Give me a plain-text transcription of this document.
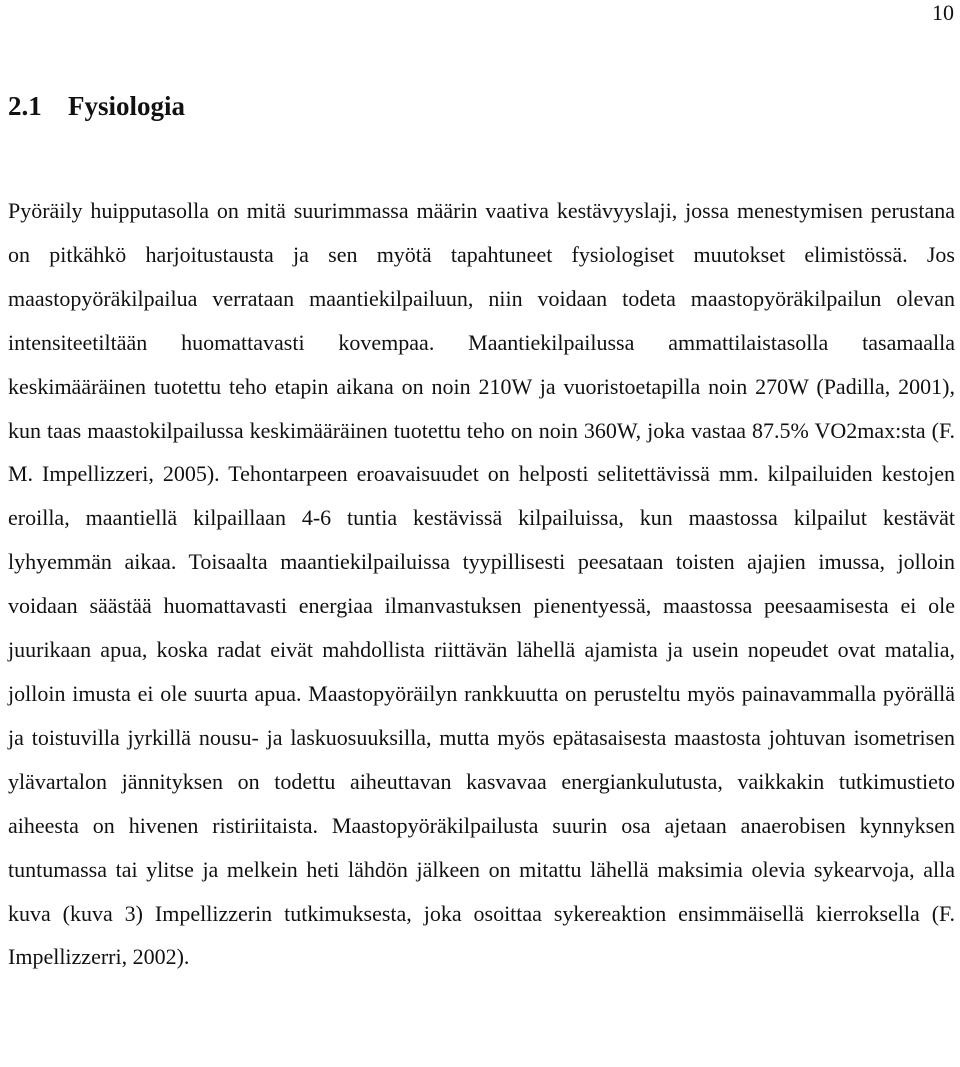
10
2.1 Fysiologia

Pyöräily huipputasolla on mitä suurimmassa määrin vaativa kestävyyslaji, jossa menestymisen perustana on pitkähkö harjoitustausta ja sen myötä tapahtuneet fysiologiset muutokset elimistössä. Jos maastopyöräkilpailua verrataan maantiekilpailuun, niin voidaan todeta maastopyöräkilpailun olevan intensiteetiltään huomattavasti kovempaa. Maantiekilpailussa ammattilaistasolla tasamaalla keskimääräinen tuotettu teho etapin aikana on noin 210W ja vuoristoetapilla noin 270W (Padilla, 2001), kun taas maastokilpailussa keskimääräinen tuotettu teho on noin 360W, joka vastaa 87.5% VO2max:sta (F. M. Impellizzeri, 2005). Tehontarpeen eroavaisuudet on helposti selitettävissä mm. kilpailuiden kestojen eroilla, maantiellä kilpaillaan 4-6 tuntia kestävissä kilpailuissa, kun maastossa kilpailut kestävät lyhyemmän aikaa. Toisaalta maantiekilpailuissa tyypillisesti peesataan toisten ajajien imussa, jolloin voidaan säästää huomattavasti energiaa ilmanvastuksen pienentyessä, maastossa peesaamisesta ei ole juurikaan apua, koska radat eivät mahdollista riittävän lähellä ajamista ja usein nopeudet ovat matalia, jolloin imusta ei ole suurta apua. Maastopyöräilyn rankkuutta on perusteltu myös painavammalla pyörällä ja toistuvilla jyrkillä nousu- ja laskuosuuksilla, mutta myös epätasaisesta maastosta johtuvan isometrisen ylävartalon jännityksen on todettu aiheuttavan kasvavaa energiankulutusta, vaikkakin tutkimustieto aiheesta on hivenen ristiriitaista. Maastopyöräkilpailusta suurin osa ajetaan anaerobisen kynnyksen tuntumassa tai ylitse ja melkein heti lähdön jälkeen on mitattu lähellä maksimia olevia sykearvoja, alla kuva (kuva 3) Impellizzerin tutkimuksesta, joka osoittaa sykereaktion ensimmäisellä kierroksella (F. Impellizzerri, 2002).
